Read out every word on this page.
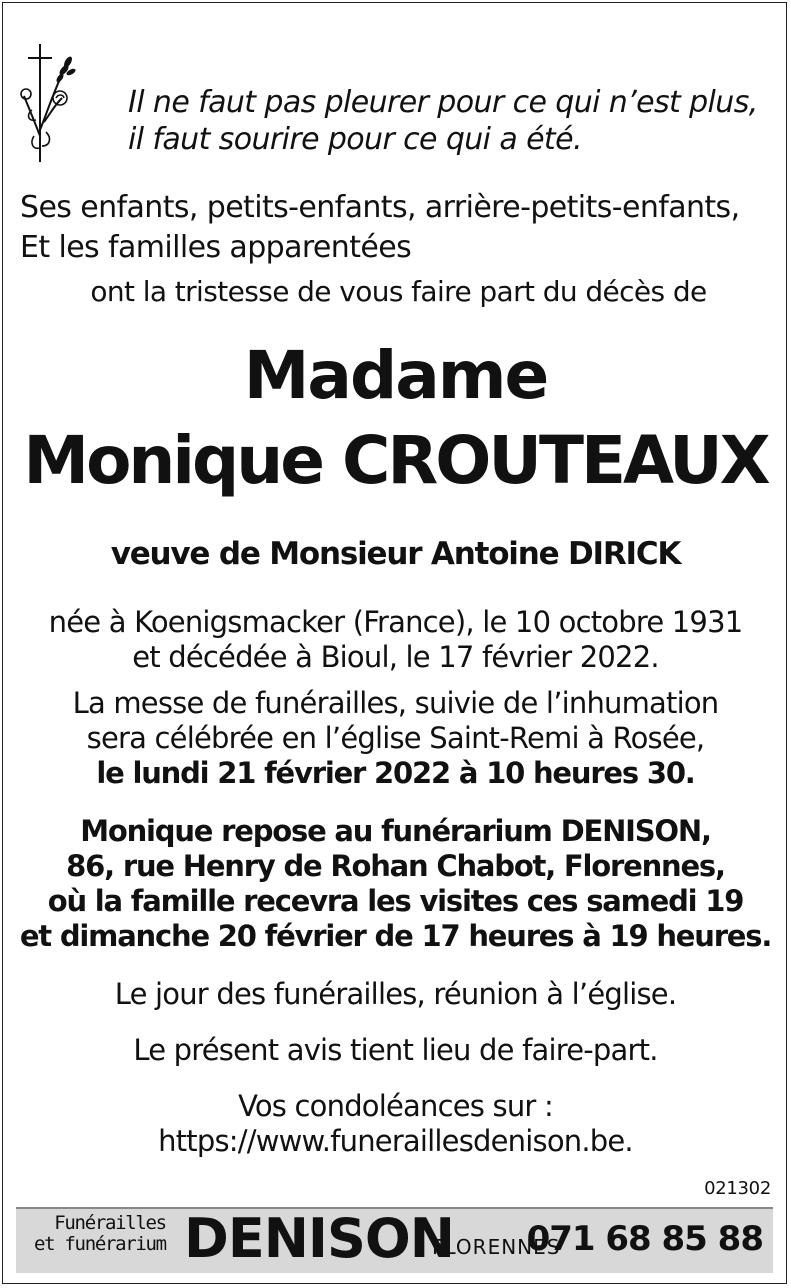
Il ne faut pas pleurer pour ce qui n’est plus,
il faut sourire pour ce qui a été.
Ses enfants, petits-enfants, arrière-petits-enfants,
Et les familles apparentées
ont la tristesse de vous faire part du décès de
Madame
Monique CROUTEAUX
veuve de Monsieur Antoine DIRICK
née à Koenigsmacker (France), le 10 octobre 1931
et décédée à Bioul, le 17 février 2022.
La messe de funérailles, suivie de l’inhumation
sera célébrée en l’église Saint-Remi à Rosée,
le lundi 21 février 2022 à 10 heures 30.
Monique repose au funérarium DENISON,
86, rue Henry de Rohan Chabot, Florennes,
où la famille recevra les visites ces samedi 19
et dimanche 20 février de 17 heures à 19 heures.
Le jour des funérailles, réunion à l’église.
Le présent avis tient lieu de faire-part.
Vos condoléances sur :
https://www.funeraillesdenison.be.
021302
Funérailles
et funérarium DENISON
FLORENNES
071 68 85 88
